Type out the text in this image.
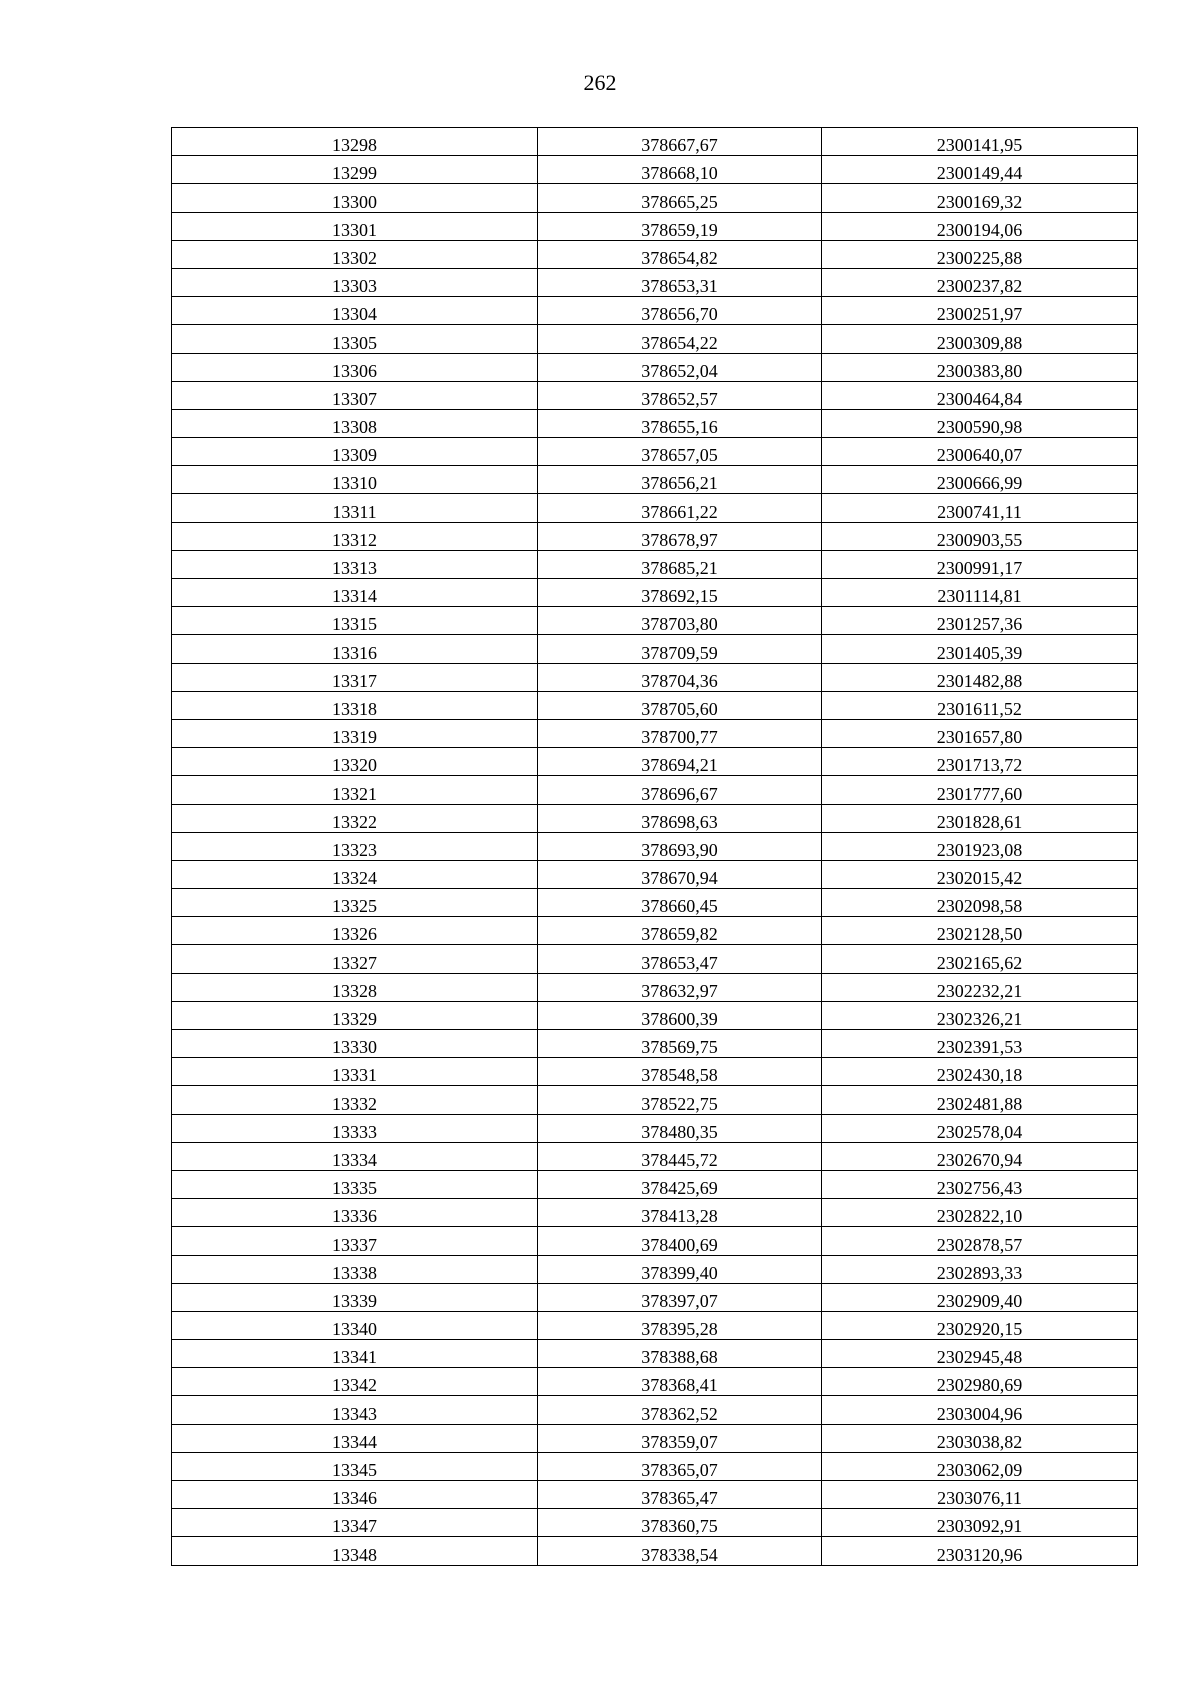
262
13298	378667,67	2300141,95
13299	378668,10	2300149,44
13300	378665,25	2300169,32
13301	378659,19	2300194,06
13302	378654,82	2300225,88
13303	378653,31	2300237,82
13304	378656,70	2300251,97
13305	378654,22	2300309,88
13306	378652,04	2300383,80
13307	378652,57	2300464,84
13308	378655,16	2300590,98
13309	378657,05	2300640,07
13310	378656,21	2300666,99
13311	378661,22	2300741,11
13312	378678,97	2300903,55
13313	378685,21	2300991,17
13314	378692,15	2301114,81
13315	378703,80	2301257,36
13316	378709,59	2301405,39
13317	378704,36	2301482,88
13318	378705,60	2301611,52
13319	378700,77	2301657,80
13320	378694,21	2301713,72
13321	378696,67	2301777,60
13322	378698,63	2301828,61
13323	378693,90	2301923,08
13324	378670,94	2302015,42
13325	378660,45	2302098,58
13326	378659,82	2302128,50
13327	378653,47	2302165,62
13328	378632,97	2302232,21
13329	378600,39	2302326,21
13330	378569,75	2302391,53
13331	378548,58	2302430,18
13332	378522,75	2302481,88
13333	378480,35	2302578,04
13334	378445,72	2302670,94
13335	378425,69	2302756,43
13336	378413,28	2302822,10
13337	378400,69	2302878,57
13338	378399,40	2302893,33
13339	378397,07	2302909,40
13340	378395,28	2302920,15
13341	378388,68	2302945,48
13342	378368,41	2302980,69
13343	378362,52	2303004,96
13344	378359,07	2303038,82
13345	378365,07	2303062,09
13346	378365,47	2303076,11
13347	378360,75	2303092,91
13348	378338,54	2303120,96
